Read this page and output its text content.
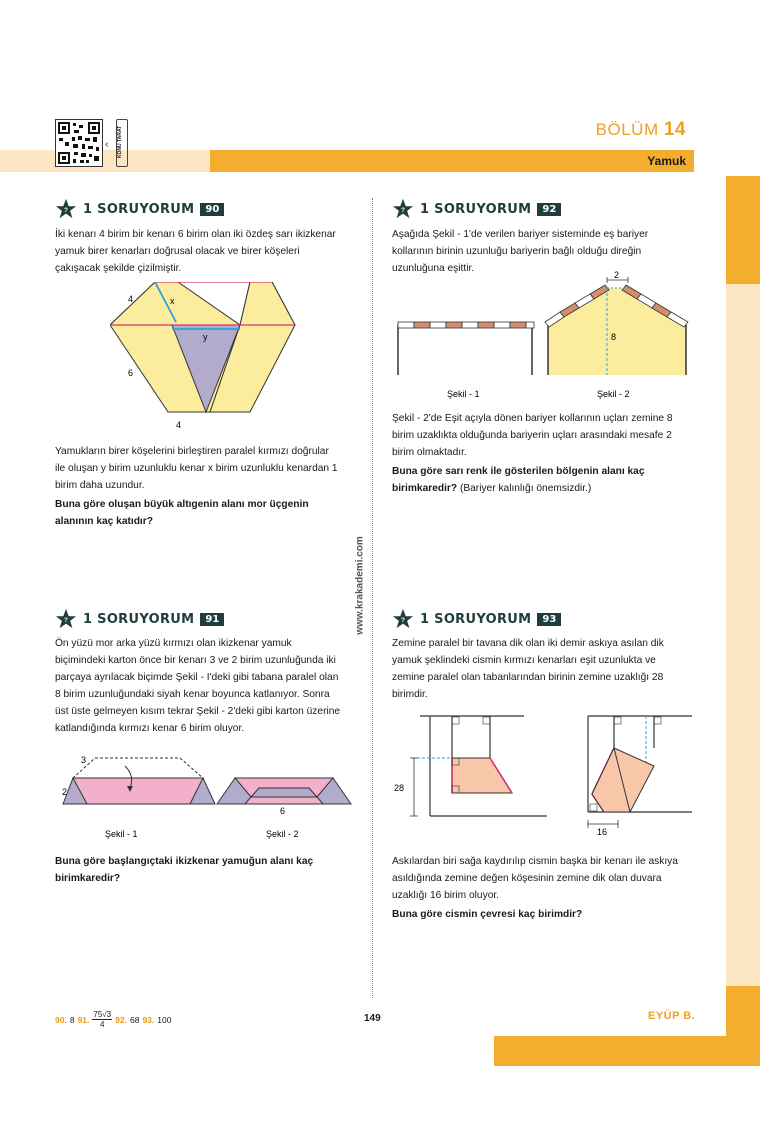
BÖLÜM 14
Yamuk
‹ KONU TARAT
www.krakademi.com
? 1 SORUYORUM	90
İki kenarı 4 birim bir kenarı 6 birim olan iki özdeş sarı ikizkenar
yamuk birer kenarları doğrusal olacak ve birer köşeleri
çakışacak şekilde çizilmiştir.
4	x
y
6
4
Yamukların birer köşelerini birleştiren paralel kırmızı doğrular
ile oluşan y birim uzunluklu kenar x birim uzunluklu kenardan 1
birim daha uzundur.
Buna göre oluşan büyük altıgenin alanı mor üçgenin
alanının kaç katıdır?
? 1 SORUYORUM	92
Aşağıda Şekil - 1'de verilen bariyer sisteminde eş bariyer
kollarının birinin uzunluğu bariyerin bağlı olduğu direğin
uzunluğuna eşittir.
2
8
Şekil - 1	Şekil - 2
Şekil - 2'de Eşit açıyla dönen bariyer kollarının uçları zemine 8
birim uzaklıkta olduğunda bariyerin uçları arasındaki mesafe 2
birim olmaktadır.
Buna göre sarı renk ile gösterilen bölgenin alanı kaç
birimkaredir? (Bariyer kalınlığı önemsizdir.)
? 1 SORUYORUM	91
Ön yüzü mor arka yüzü kırmızı olan ikizkenar yamuk
biçimindeki karton önce bir kenarı 3 ve 2 birim uzunluğunda iki
parçaya ayrılacak biçimde Şekil - I'deki gibi tabana paralel olan
8 birim uzunluğundaki siyah kenar boyunca katlanıyor. Sonra
üst üste gelmeyen kısım tekrar Şekil - 2'deki gibi karton üzerine
katlandığında kırmızı kenar 6 birim oluyor.
3
2
6
Şekil - 1	Şekil - 2
Buna göre başlangıçtaki ikizkenar yamuğun alanı kaç
birimkaredir?
? 1 SORUYORUM	93
Zemine paralel bir tavana dik olan iki demir askıya asılan dik
yamuk şeklindeki cismin kırmızı kenarları eşit uzunlukta ve
zemine paralel olan tabanlarından birinin zemine uzaklığı 28
birimdir.
28
16
Askılardan biri sağa kaydırılıp cismin başka bir kenarı ile askıya
asıldığında zemine değen köşesinin zemine dik olan duvara
uzaklığı 16 birim oluyor.
Buna göre cismin çevresi kaç birimdir?
90. 8 91. $\frac{75√3}{4} 92$. 68 93. 100	149	EYÜP B.
